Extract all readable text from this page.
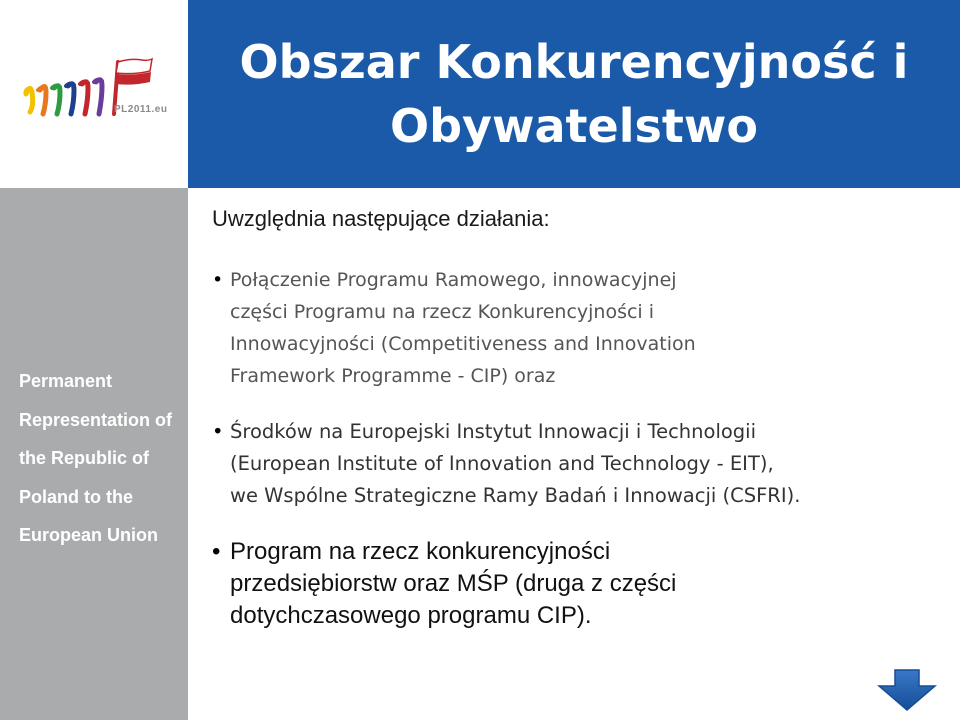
PL2011.eu
Obszar Konkurencyjność i Obywatelstwo
Permanent
Representation of
the Republic of
Poland to the
European Union

Uwzględnia następujące działania:

• Połączenie Programu Ramowego, innowacyjnej
części Programu na rzecz Konkurencyjności i
Innowacyjności (Competitiveness and Innovation
Framework Programme - CIP) oraz
• Środków na Europejski Instytut Innowacji i Technologii
(European Institute of Innovation and Technology - EIT),
we Wspólne Strategiczne Ramy Badań i Innowacji (CSFRI).
• Program na rzecz konkurencyjności
przedsiębiorstw oraz MŚP (druga z części
dotychczasowego programu CIP).
